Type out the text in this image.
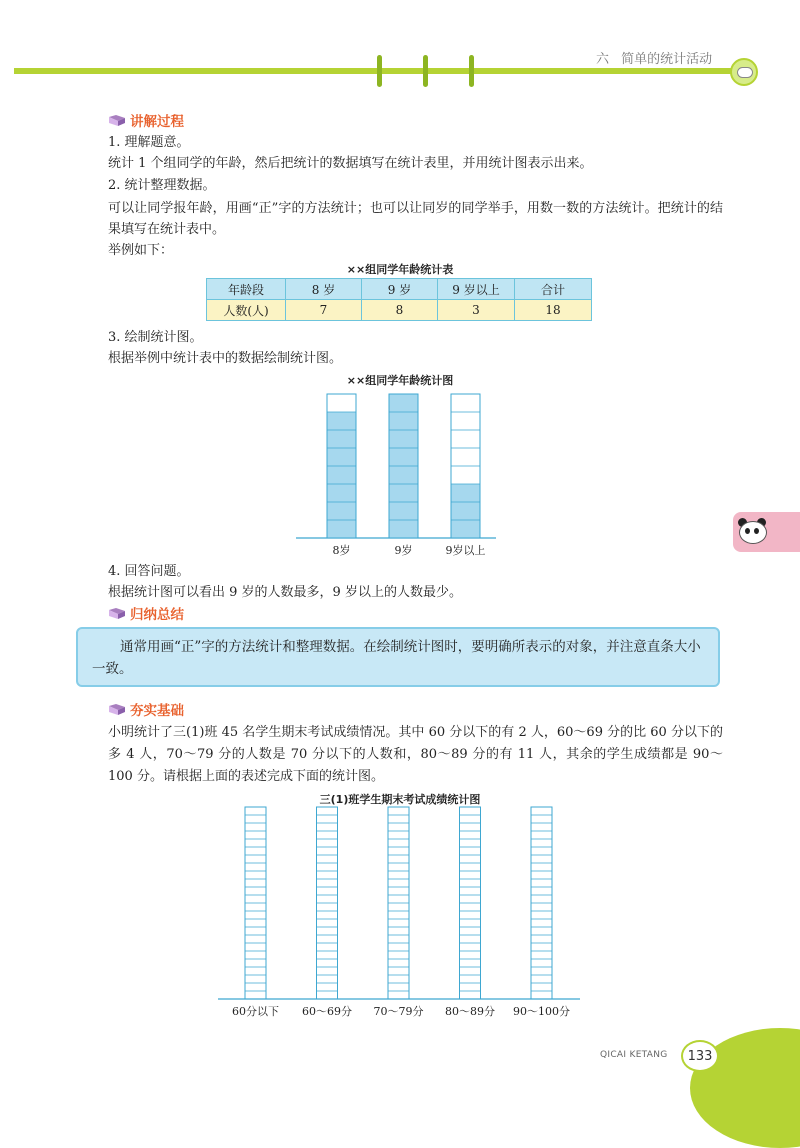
六 简单的统计活动
讲解过程
1. 理解题意。
统计 1 个组同学的年龄，然后把统计的数据填写在统计表里，并用统计图表示出来。
2. 统计整理数据。
可以让同学报年龄，用画“正”字的方法统计；也可以让同岁的同学举手，用数一数的方法统计。把统计的结果填写在统计表中。
举例如下：
××组同学年龄统计表
年龄段	8 岁	9 岁	9 岁以上	合计
人数(人)	7	8	3	18
3. 绘制统计图。
根据举例中统计表中的数据绘制统计图。
××组同学年龄统计图
8岁	9岁	9岁以上
4. 回答问题。
根据统计图可以看出 9 岁的人数最多，9 岁以上的人数最少。
归纳总结

通常用画“正”字的方法统计和整理数据。在绘制统计图时，要明确所表示的对象，并注意直条大小一致。

夯实基础
小明统计了三(1)班 45 名学生期末考试成绩情况。其中 60 分以下的有 2 人，60～69 分的比 60 分以下的多 4 人，70～79 分的人数是 70 分以下的人数和，80～89 分的有 11 人，其余的学生成绩都是 90～100 分。请根据上面的表述完成下面的统计图。
三(1)班学生期末考试成绩统计图
60分以下 60～69分 70～79分 80～89分 90～100分
QICAI KETANG 133
